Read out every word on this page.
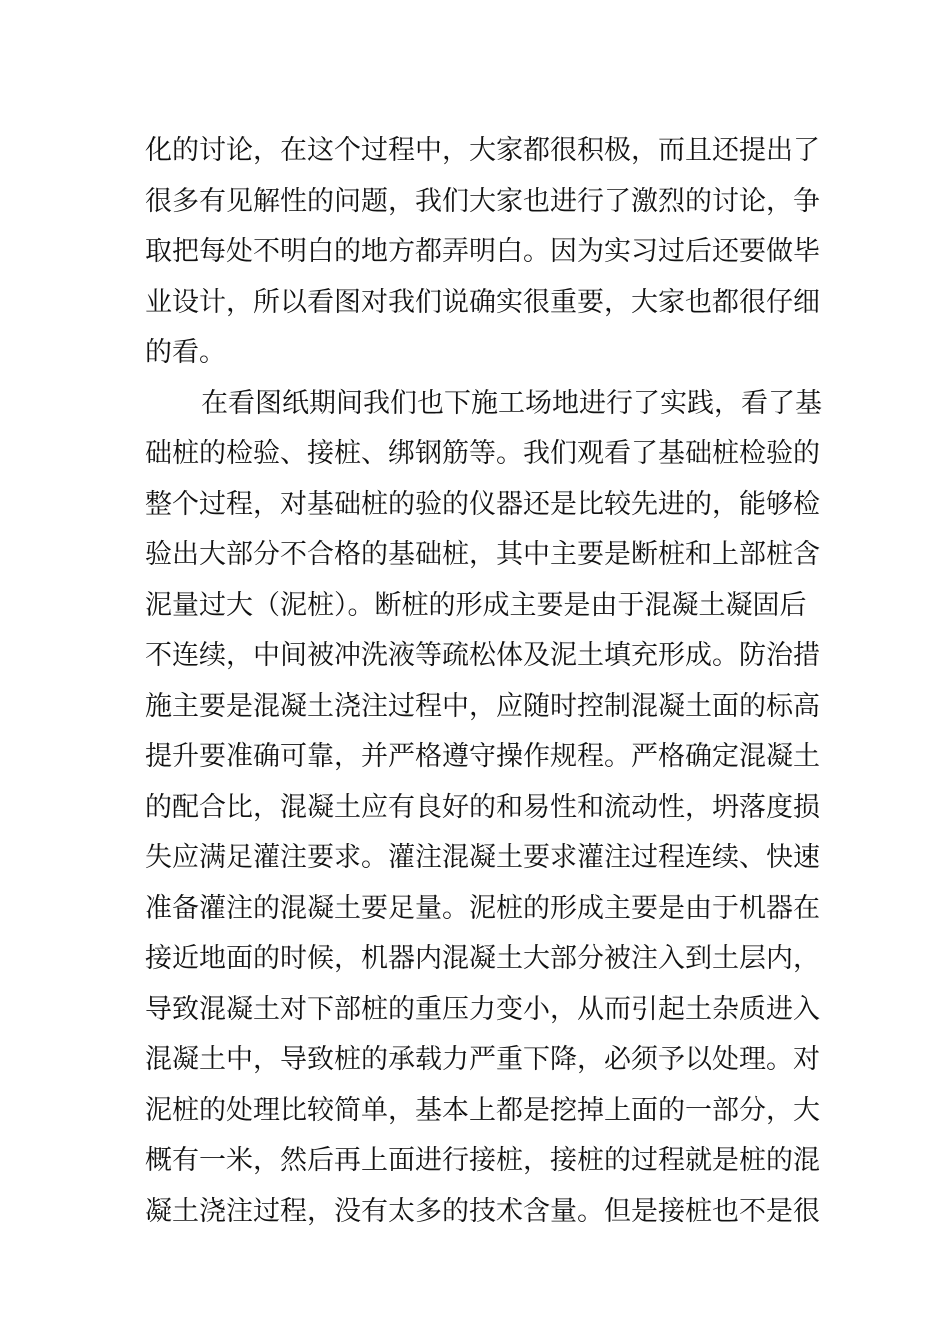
化的讨论，在这个过程中，大家都很积极，而且还提出了
很多有见解性的问题，我们大家也进行了激烈的讨论，争
取把每处不明白的地方都弄明白。因为实习过后还要做毕
业设计，所以看图对我们说确实很重要，大家也都很仔细
的看。
在看图纸期间我们也下施工场地进行了实践，看了基
础桩的检验、接桩、绑钢筋等。我们观看了基础桩检验的
整个过程，对基础桩的验的仪器还是比较先进的，能够检
验出大部分不合格的基础桩，其中主要是断桩和上部桩含
泥量过大（泥桩）。断桩的形成主要是由于混凝土凝固后
不连续，中间被冲洗液等疏松体及泥土填充形成。防治措
施主要是混凝土浇注过程中，应随时控制混凝土面的标高
提升要准确可靠，并严格遵守操作规程。严格确定混凝土
的配合比，混凝土应有良好的和易性和流动性，坍落度损
失应满足灌注要求。灌注混凝土要求灌注过程连续、快速
准备灌注的混凝土要足量。泥桩的形成主要是由于机器在
接近地面的时候，机器内混凝土大部分被注入到土层内，
导致混凝土对下部桩的重压力变小，从而引起土杂质进入
混凝土中，导致桩的承载力严重下降，必须予以处理。对
泥桩的处理比较简单，基本上都是挖掉上面的一部分，大
概有一米，然后再上面进行接桩，接桩的过程就是桩的混
凝土浇注过程，没有太多的技术含量。但是接桩也不是很
